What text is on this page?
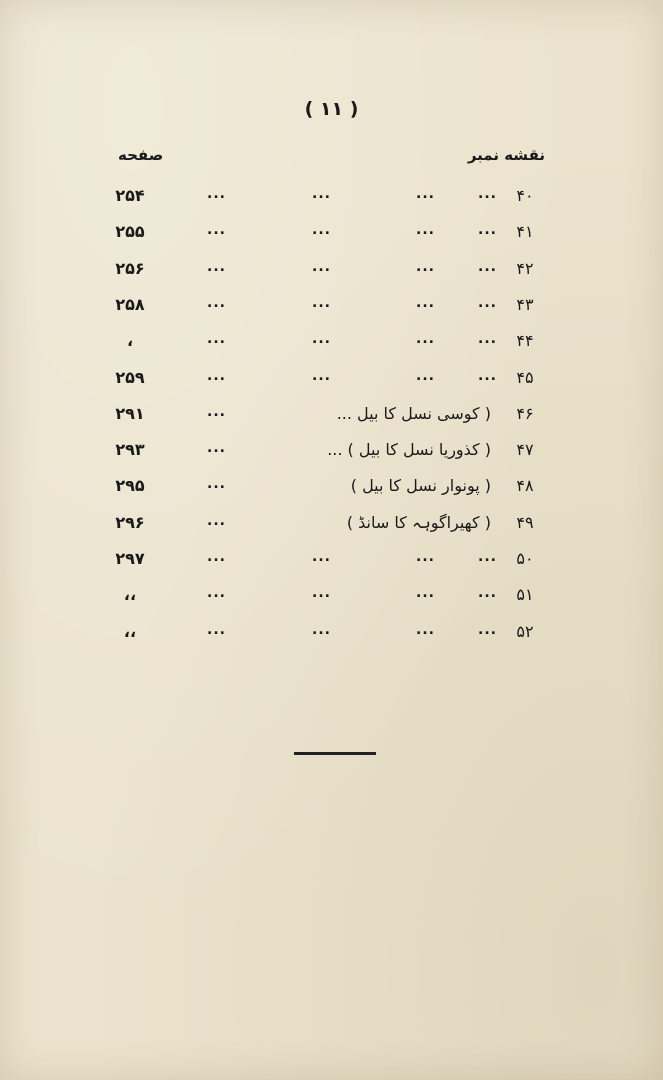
( ۱۱ )
صفحه	نقشه نمبر
۲۵۴	...	...	...	...	۴۰
۲۵۵	...	...	...	...	۴۱
۲۵۶	...	...	...	...	۴۲
۲۵۸	...	...	...	...	۴۳
،	...	...	...	...	۴۴
۲۵۹	...	...	...	...	۴۵
۲۹۱	...	( کوسی نسل کا بیل ...	۴۶
۲۹۳	...	( کذوریا نسل کا بیل ) ...	۴۷
۲۹۵	...	( پونوار نسل کا بیل )	۴۸
۲۹۶	...	( کھیراگوہہ کا سانڈ )	۴۹
۲۹۷	...	...	...	...	۵۰
،،	...	...	...	...	۵۱
،،	...	...	...	...	۵۲
